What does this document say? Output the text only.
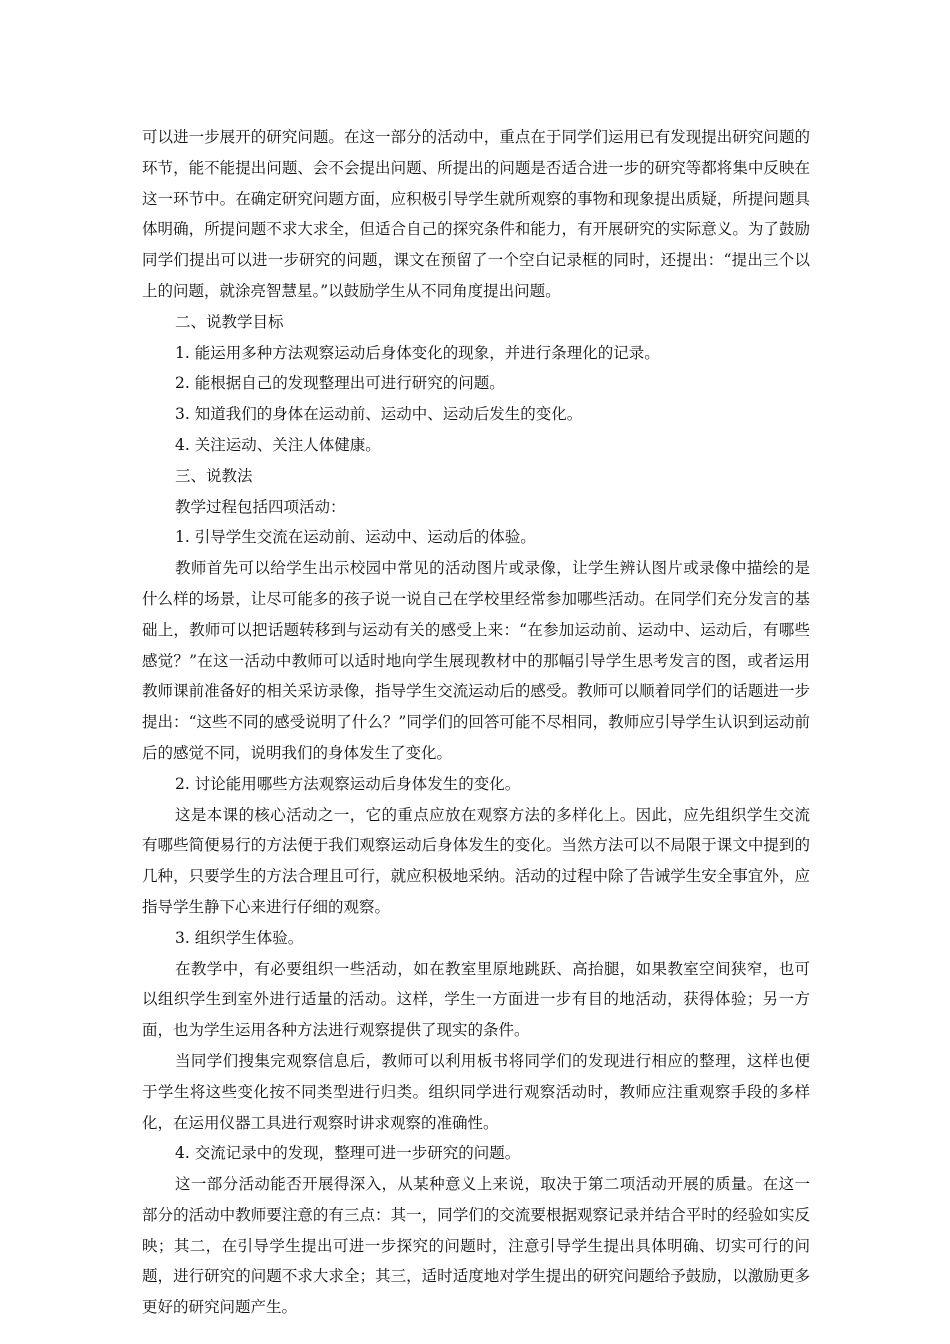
可以进一步展开的研究问题。在这一部分的活动中，重点在于同学们运用已有发现提出研究问题的环节，能不能提出问题、会不会提出问题、所提出的问题是否适合进一步的研究等都将集中反映在这一环节中。在确定研究问题方面，应积极引导学生就所观察的事物和现象提出质疑，所提问题具体明确，所提问题不求大求全，但适合自己的探究条件和能力，有开展研究的实际意义。为了鼓励同学们提出可以进一步研究的问题，课文在预留了一个空白记录框的同时，还提出：“提出三个以上的问题，就涂亮智慧星。”以鼓励学生从不同角度提出问题。

二、说教学目标

1. 能运用多种方法观察运动后身体变化的现象，并进行条理化的记录。

2. 能根据自己的发现整理出可进行研究的问题。

3. 知道我们的身体在运动前、运动中、运动后发生的变化。

4. 关注运动、关注人体健康。

三、说教法

教学过程包括四项活动：

1. 引导学生交流在运动前、运动中、运动后的体验。

教师首先可以给学生出示校园中常见的活动图片或录像，让学生辨认图片或录像中描绘的是什么样的场景，让尽可能多的孩子说一说自己在学校里经常参加哪些活动。在同学们充分发言的基础上，教师可以把话题转移到与运动有关的感受上来：“在参加运动前、运动中、运动后，有哪些感觉？”在这一活动中教师可以适时地向学生展现教材中的那幅引导学生思考发言的图，或者运用教师课前准备好的相关采访录像，指导学生交流运动后的感受。教师可以顺着同学们的话题进一步提出：“这些不同的感受说明了什么？”同学们的回答可能不尽相同，教师应引导学生认识到运动前后的感觉不同，说明我们的身体发生了变化。

2. 讨论能用哪些方法观察运动后身体发生的变化。

这是本课的核心活动之一，它的重点应放在观察方法的多样化上。因此，应先组织学生交流有哪些简便易行的方法便于我们观察运动后身体发生的变化。当然方法可以不局限于课文中提到的几种，只要学生的方法合理且可行，就应积极地采纳。活动的过程中除了告诫学生安全事宜外，应指导学生静下心来进行仔细的观察。

3. 组织学生体验。

在教学中，有必要组织一些活动，如在教室里原地跳跃、高抬腿，如果教室空间狭窄，也可以组织学生到室外进行适量的活动。这样，学生一方面进一步有目的地活动，获得体验；另一方面，也为学生运用各种方法进行观察提供了现实的条件。

当同学们搜集完观察信息后，教师可以利用板书将同学们的发现进行相应的整理，这样也便于学生将这些变化按不同类型进行归类。组织同学进行观察活动时，教师应注重观察手段的多样化，在运用仪器工具进行观察时讲求观察的准确性。

4. 交流记录中的发现，整理可进一步研究的问题。

这一部分活动能否开展得深入，从某种意义上来说，取决于第二项活动开展的质量。在这一部分的活动中教师要注意的有三点：其一，同学们的交流要根据观察记录并结合平时的经验如实反映；其二，在引导学生提出可进一步探究的问题时，注意引导学生提出具体明确、切实可行的问题，进行研究的问题不求大求全；其三，适时适度地对学生提出的研究问题给予鼓励，以激励更多更好的研究问题产生。
